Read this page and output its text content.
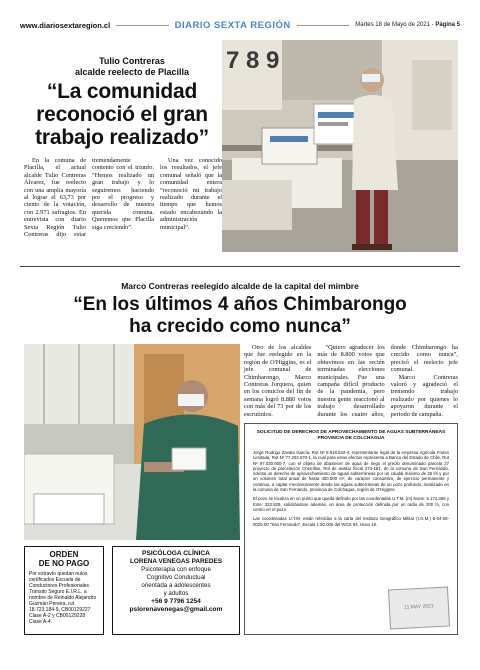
www.diariosextaregion.cl	DIARIO SEXTA REGIÓN	Martes 18 de Mayo de 2021 - Página 5
Tulio Contreras
alcalde reelecto de Placilla
“La comunidad reconoció el gran trabajo realizado”

En la comuna de Placilla, el actual alcalde Tulio Contreras Álvarez, fue reelecto con una amplia mayoría al lograr el 63,73 por ciento de la votación, con 2.971 sufragios. En entrevista con diario Sexta Región Tulio Contreras dijo estar tremendamente contento con el triunfo. “Hemos realizado un gran trabajo y lo seguiremos haciendo por el progreso y desarrollo de nuestra querida comuna. Queremos que Placilla siga creciendo”.

Una vez conocido los resultados, el jefe comunal señaló que la comunidad entera “reconoció mi trabajo realizado durante el tiempo que hemos estado encabezando la administración municipal”.

7 8 9
Marco Contreras reelegido alcalde de la capital del mimbre
“En los últimos 4 años Chimbarongo
ha crecido como nunca”

Otro de los alcaldes que fue reelegido en la región de O'Higgins, es el jefe comunal de Chimbarongo, Marco Contreras Jorquera, quien en los comicios del fin de semana logró 8.880 votos con más del 73 por de los escrutinios.

“Quiero agradecer los más de 8.800 votos que obtuvimos en las recién terminadas elecciones municipales. Fue una campaña difícil producto de la pandemia, pero nuestra gente reaccionó al trabajo desarrollado durante los cuatro años, donde Chimbarongo ha crecido como nunca”, precisó el reelecto jefe comunal.

Marco Contreras valoró y agradeció el tremendo trabajo realizado por quienes lo apoyaron durante el periodo de campaña.

SOLICITUD DE DERECHOS DE APROVECHAMIENTO DE AGUAS SUBTERRÁNEAS
PROVINCIA DE COLCHAGUA

Jorge Rodrigo Zavala García, Rut Nº 8.918.542-4, representante legal de la empresa Agrícola Frutex Limitada, Rut Nº 77.203.670-1, la cual para estos efectos representa a Banco del Estado de Chile, Rut Nº 97.030.000-7, con el objeto de abastecer de agua de riego el predio denominado parcela 27 proyecto de parcelación Cherrillos, Rol de avalúo fiscal 273-161, de la comuna de San Fernando, solicita un derecho de aprovechamiento de aguas subterráneas por un caudal máximo de 26 l/s y por un volumen total anual de hasta 400.000 m³, de carácter consuntivo, de ejercicio permanente y continuo, a captar mecánicamente desde las aguas subterráneas de un pozo profundo, localizado en la comuna de San Fernando, provincia de Colchagua, región de O'Higgins.

El pozo se localiza en un punto que queda definido por las coordenadas U.T.M. (m) Norte: 6.174.365 y Este: 322.829, solicitándose además, un área de protección definida por un radio de 200 m, con centro en el pozo.

Las coordenadas U.T.M. están referidas a la carta del Instituto Geográfico Militar (I.G.M.) 5-04-06-0025-00 “San Fernando”, Escala 1:50.000 del WGS 84, Huso 19.

11 MAY 2021
ORDEN
DE NO PAGO
Por extravío quedan nulos certificados Escuela de Conductores Profesionales Tránsito Seguro E.I.R.L. a nombre de Reinaldo Alejandro Guzmán Pereira, rut 18.723.184-9, CB00129227 Clase A-2 y CB00129228 Clase A-4.
PSICÓLOGA CLÍNICA
LORENA VENEGAS PAREDES
Psicoterapia con enfoque
Cognitivo Conductual
orientada a adolescentes
y adultos
+56 9 7796 1254
pslorenavenegas@gmail.com
